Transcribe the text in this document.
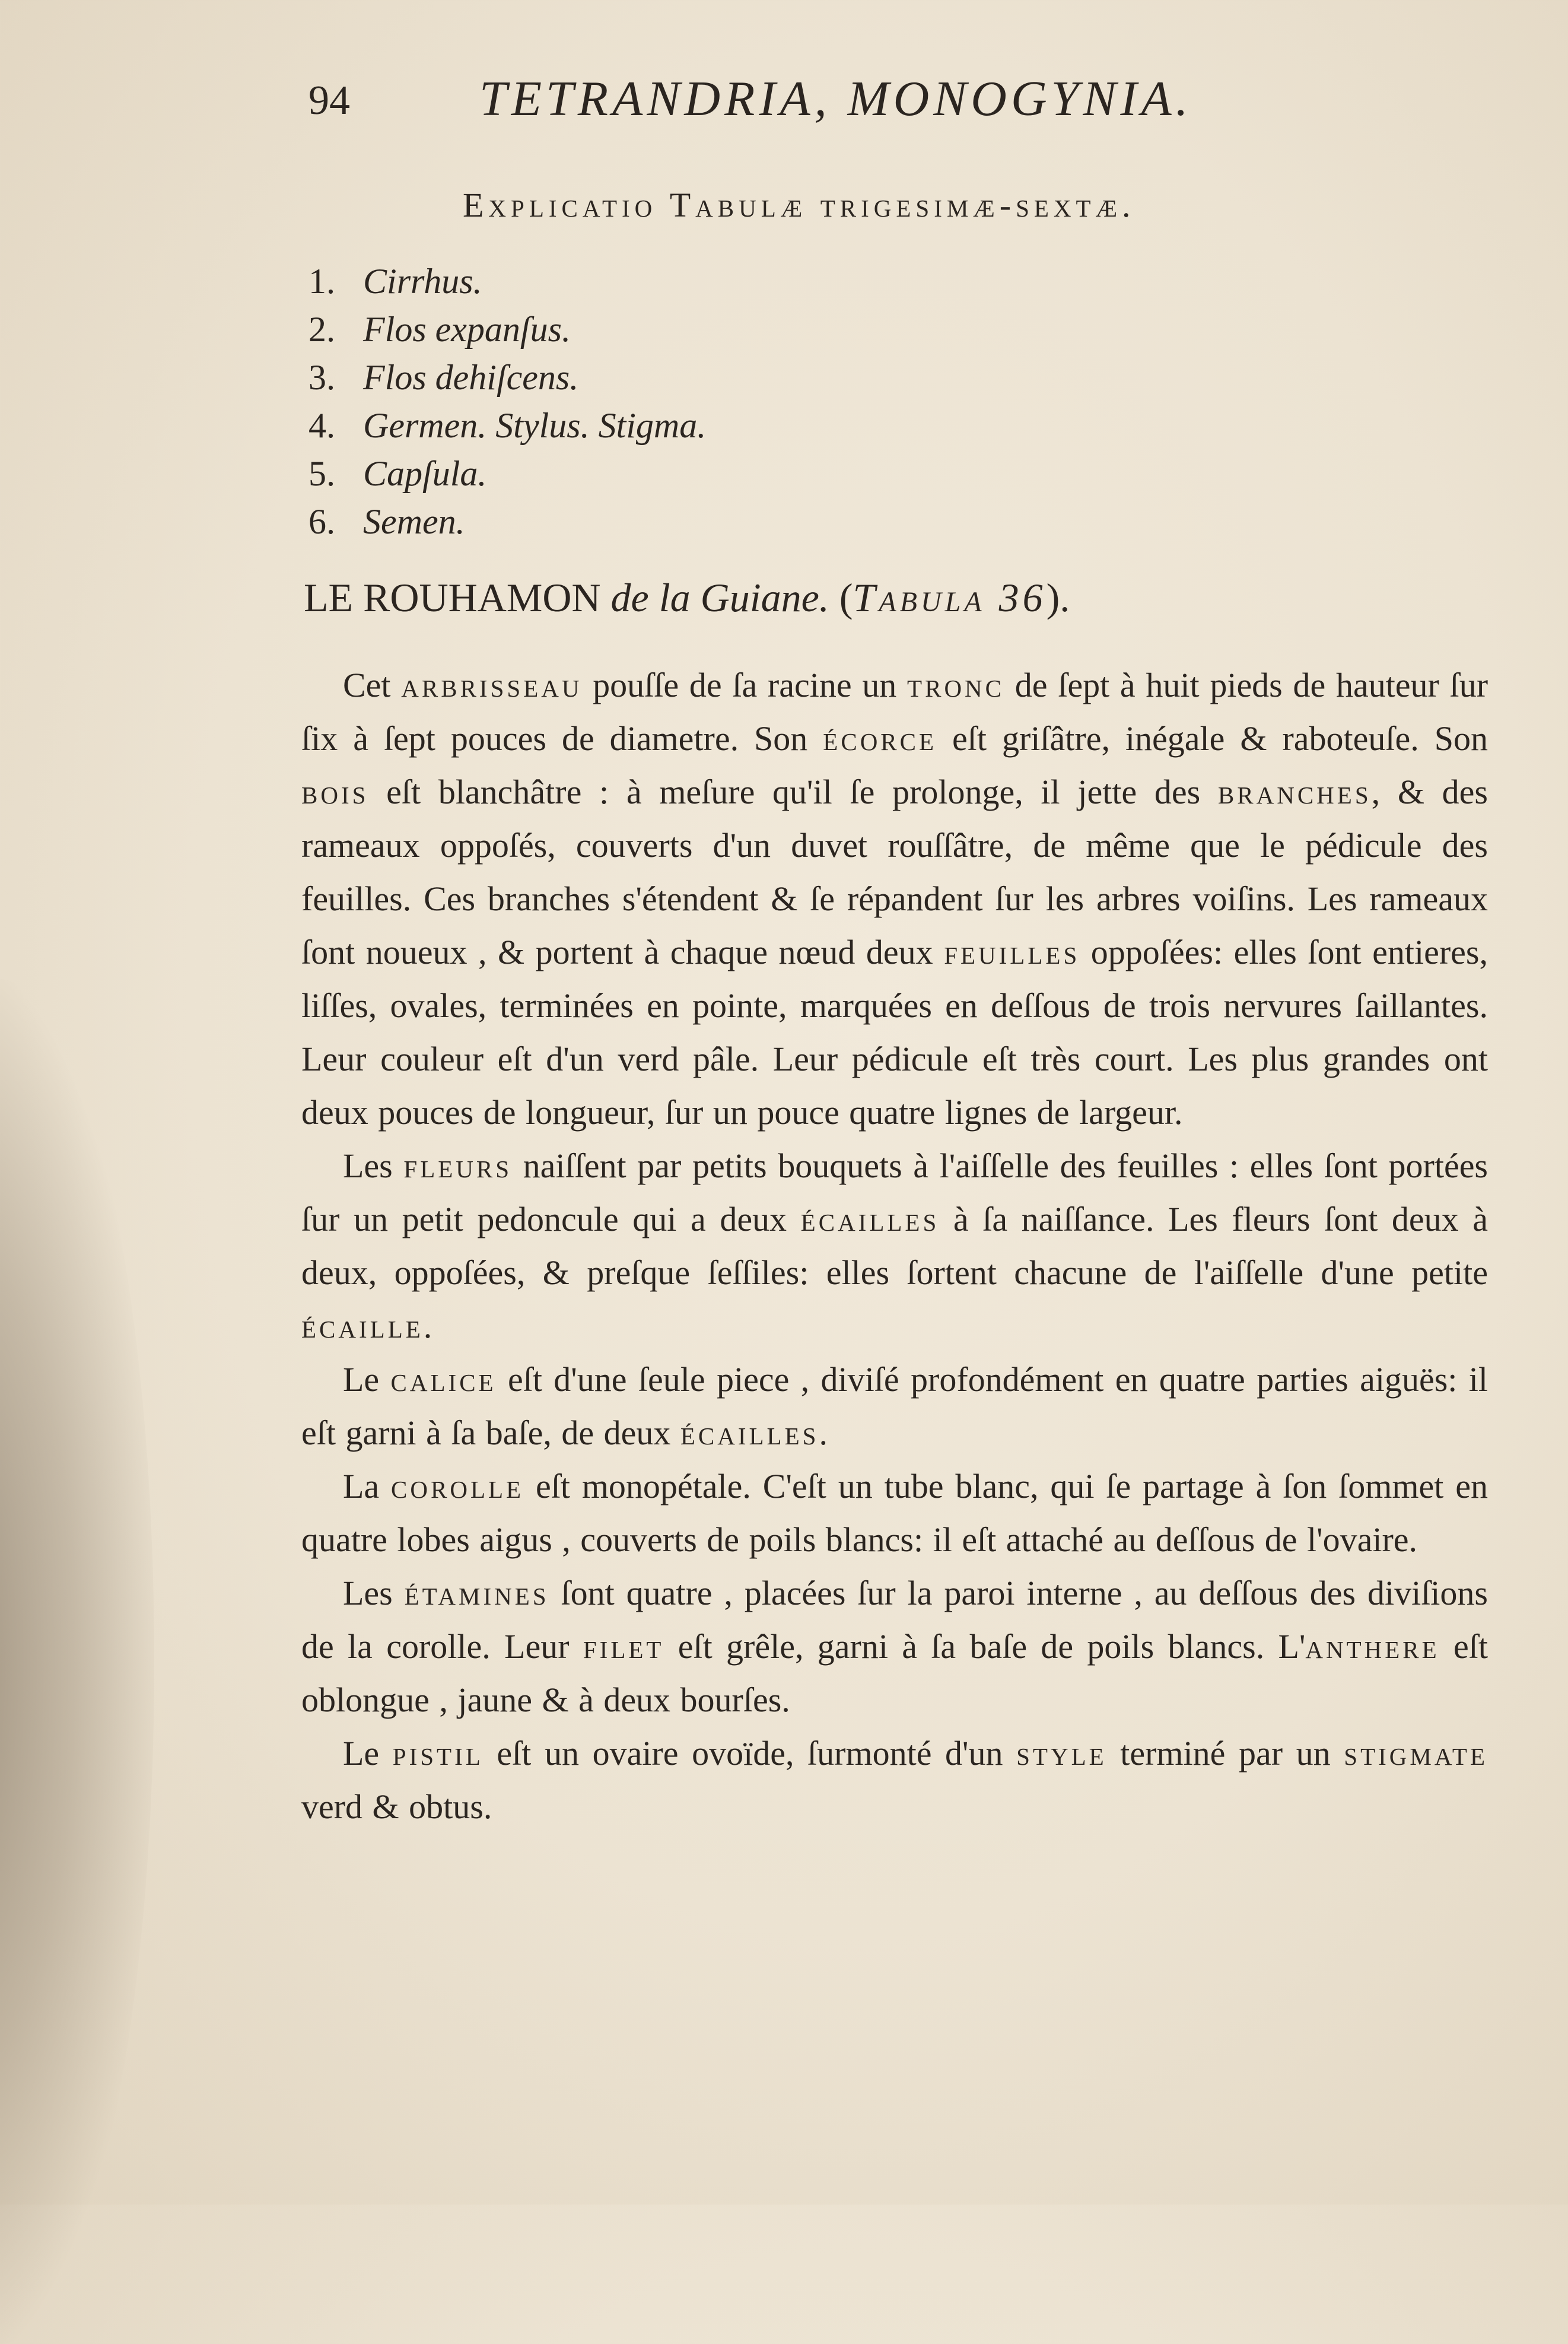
94	TETRANDRIA, MONOGYNIA.
Explicatio Tabulæ trigesimæ-sextæ.
1. Cirrhus.
2. Flos expanſus.
3. Flos dehiſcens.
4. Germen. Stylus. Stigma.
5. Capſula.
6. Semen.
LE ROUHAMON de la Guiane. (Tabula 36).

Cet arbrisseau pouſſe de ſa racine un tronc de ſept à huit pieds de hauteur ſur ſix à ſept pouces de diametre. Son écorce eſt griſâtre, inégale & raboteuſe. Son bois eſt blanchâtre : à meſure qu'il ſe prolonge, il jette des branches, & des rameaux oppoſés, couverts d'un duvet rouſſâtre, de même que le pédicule des feuilles. Ces branches s'étendent & ſe répandent ſur les arbres voiſins. Les rameaux ſont noueux , & portent à chaque nœud deux feuilles oppoſées: elles ſont entieres, liſſes, ovales, terminées en pointe, marquées en deſſous de trois nervures ſaillantes. Leur couleur eſt d'un verd pâle. Leur pédicule eſt très court. Les plus grandes ont deux pouces de longueur, ſur un pouce quatre lignes de largeur.

Les fleurs naiſſent par petits bouquets à l'aiſſelle des feuilles : elles ſont portées ſur un petit pedoncule qui a deux écailles à ſa naiſſance. Les fleurs ſont deux à deux, oppoſées, & preſque ſeſſiles: elles ſortent chacune de l'aiſſelle d'une petite écaille.

Le calice eſt d'une ſeule piece , diviſé profondément en quatre parties aiguës: il eſt garni à ſa baſe, de deux écailles.

La corolle eſt monopétale. C'eſt un tube blanc, qui ſe partage à ſon ſommet en quatre lobes aigus , couverts de poils blancs: il eſt attaché au deſſous de l'ovaire.

Les étamines ſont quatre , placées ſur la paroi interne , au deſſous des diviſions de la corolle. Leur filet eſt grêle, garni à ſa baſe de poils blancs. L'anthere eſt oblongue , jaune & à deux bourſes.

Le pistil eſt un ovaire ovoïde, ſurmonté d'un style terminé par un stigmate verd & obtus.
